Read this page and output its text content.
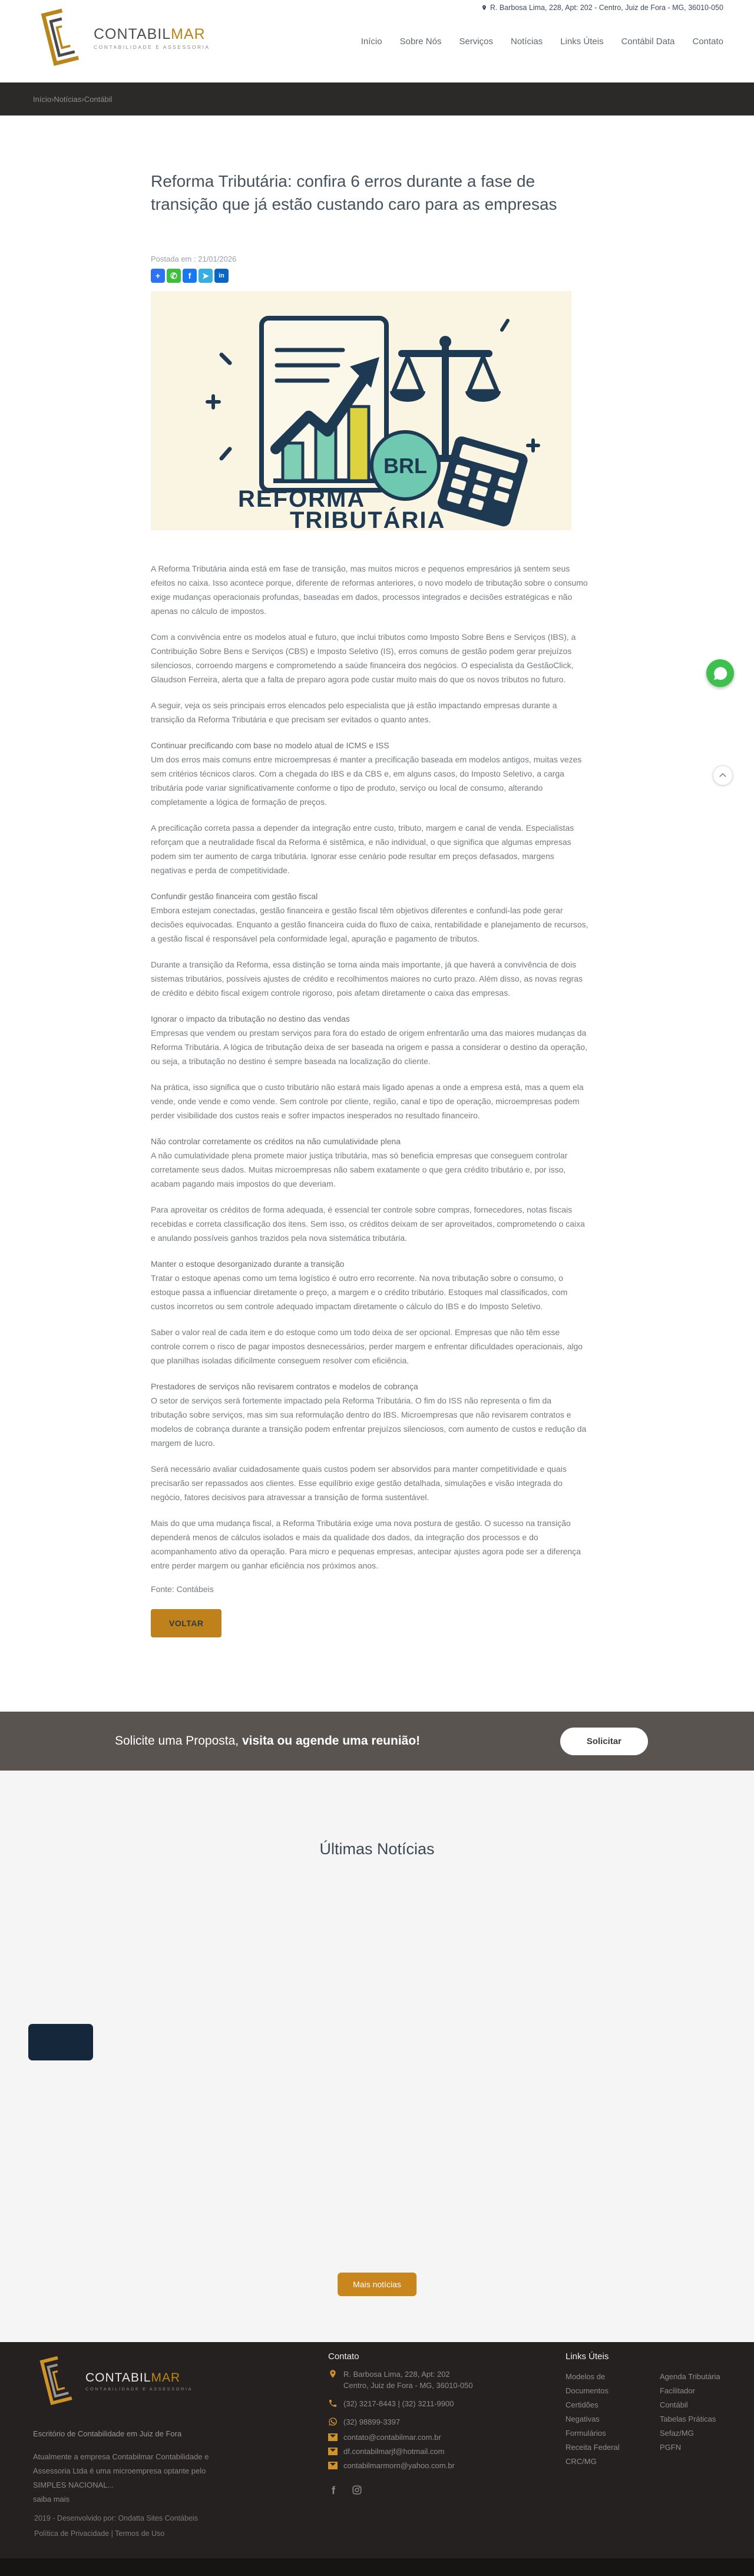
R. Barbosa Lima, 228, Apt: 202 - Centro, Juiz de Fora - MG, 36010-050
CONTABILMAR
CONTABILIDADE E ASSESSORIA
Início Sobre Nós Serviços Notícias Links Úteis Contábil Data Contato
Início › Notícias › Contábil
Reforma Tributária: confira 6 erros durante a fase de transição que já estão custando caro para as empresas
Postada em : 21/01/2026
+	✆	f	➤	in
BRL
REFORMA
TRIBUTÁRIA

A Reforma Tributária ainda está em fase de transição, mas muitos micros e pequenos empresários já sentem seus efeitos no caixa. Isso acontece porque, diferente de reformas anteriores, o novo modelo de tributação sobre o consumo exige mudanças operacionais profundas, baseadas em dados, processos integrados e decisões estratégicas e não apenas no cálculo de impostos.

Com a convivência entre os modelos atual e futuro, que inclui tributos como Imposto Sobre Bens e Serviços (IBS), a Contribuição Sobre Bens e Serviços (CBS) e Imposto Seletivo (IS), erros comuns de gestão podem gerar prejuízos silenciosos, corroendo margens e comprometendo a saúde financeira dos negócios. O especialista da GestãoClick, Glaudson Ferreira, alerta que a falta de preparo agora pode custar muito mais do que os novos tributos no futuro.

A seguir, veja os seis principais erros elencados pelo especialista que já estão impactando empresas durante a transição da Reforma Tributária e que precisam ser evitados o quanto antes.

Continuar precificando com base no modelo atual de ICMS e ISS

Um dos erros mais comuns entre microempresas é manter a precificação baseada em modelos antigos, muitas vezes sem critérios técnicos claros. Com a chegada do IBS e da CBS e, em alguns casos, do Imposto Seletivo, a carga tributária pode variar significativamente conforme o tipo de produto, serviço ou local de consumo, alterando completamente a lógica de formação de preços.

A precificação correta passa a depender da integração entre custo, tributo, margem e canal de venda. Especialistas reforçam que a neutralidade fiscal da Reforma é sistêmica, e não individual, o que significa que algumas empresas podem sim ter aumento de carga tributária. Ignorar esse cenário pode resultar em preços defasados, margens negativas e perda de competitividade.

Confundir gestão financeira com gestão fiscal

Embora estejam conectadas, gestão financeira e gestão fiscal têm objetivos diferentes e confundi-las pode gerar decisões equivocadas. Enquanto a gestão financeira cuida do fluxo de caixa, rentabilidade e planejamento de recursos, a gestão fiscal é responsável pela conformidade legal, apuração e pagamento de tributos.

Durante a transição da Reforma, essa distinção se torna ainda mais importante, já que haverá a convivência de dois sistemas tributários, possíveis ajustes de crédito e recolhimentos maiores no curto prazo. Além disso, as novas regras de crédito e débito fiscal exigem controle rigoroso, pois afetam diretamente o caixa das empresas.

Ignorar o impacto da tributação no destino das vendas

Empresas que vendem ou prestam serviços para fora do estado de origem enfrentarão uma das maiores mudanças da Reforma Tributária. A lógica de tributação deixa de ser baseada na origem e passa a considerar o destino da operação, ou seja, a tributação no destino é sempre baseada na localização do cliente.

Na prática, isso significa que o custo tributário não estará mais ligado apenas a onde a empresa está, mas a quem ela vende, onde vende e como vende. Sem controle por cliente, região, canal e tipo de operação, microempresas podem perder visibilidade dos custos reais e sofrer impactos inesperados no resultado financeiro.

Não controlar corretamente os créditos na não cumulatividade plena

A não cumulatividade plena promete maior justiça tributária, mas só beneficia empresas que conseguem controlar corretamente seus dados. Muitas microempresas não sabem exatamente o que gera crédito tributário e, por isso, acabam pagando mais impostos do que deveriam.

Para aproveitar os créditos de forma adequada, é essencial ter controle sobre compras, fornecedores, notas fiscais recebidas e correta classificação dos itens. Sem isso, os créditos deixam de ser aproveitados, comprometendo o caixa e anulando possíveis ganhos trazidos pela nova sistemática tributária.

Manter o estoque desorganizado durante a transição

Tratar o estoque apenas como um tema logístico é outro erro recorrente. Na nova tributação sobre o consumo, o estoque passa a influenciar diretamente o preço, a margem e o crédito tributário. Estoques mal classificados, com custos incorretos ou sem controle adequado impactam diretamente o cálculo do IBS e do Imposto Seletivo.

Saber o valor real de cada item e do estoque como um todo deixa de ser opcional. Empresas que não têm esse controle correm o risco de pagar impostos desnecessários, perder margem e enfrentar dificuldades operacionais, algo que planilhas isoladas dificilmente conseguem resolver com eficiência.

Prestadores de serviços não revisarem contratos e modelos de cobrança

O setor de serviços será fortemente impactado pela Reforma Tributária. O fim do ISS não representa o fim da tributação sobre serviços, mas sim sua reformulação dentro do IBS. Microempresas que não revisarem contratos e modelos de cobrança durante a transição podem enfrentar prejuízos silenciosos, com aumento de custos e redução da margem de lucro.

Será necessário avaliar cuidadosamente quais custos podem ser absorvidos para manter competitividade e quais precisarão ser repassados aos clientes. Esse equilíbrio exige gestão detalhada, simulações e visão integrada do negócio, fatores decisivos para atravessar a transição de forma sustentável.

Mais do que uma mudança fiscal, a Reforma Tributária exige uma nova postura de gestão. O sucesso na transição dependerá menos de cálculos isolados e mais da qualidade dos dados, da integração dos processos e do acompanhamento ativo da operação. Para micro e pequenas empresas, antecipar ajustes agora pode ser a diferença entre perder margem ou ganhar eficiência nos próximos anos.

Fonte: Contábeis
VOLTAR
Solicite uma Proposta, visita ou agende uma reunião!	Solicitar
Últimas Notícias
Mais notícias
CONTABILMAR
CONTABILIDADE E ASSESSORIA
Escritório de Contabilidade em Juiz de Fora
Atualmente a empresa Contabilmar Contabilidade e Assessoria Ltda é uma microempresa optante pelo SIMPLES NACIONAL...
saiba mais
Contato
R. Barbosa Lima, 228, Apt: 202
Centro, Juiz de Fora - MG, 36010-050
(32) 3217-8443 | (32) 3211-9900
(32) 98899-3397
contato@contabilmar.com.br
df.contabilmarjf@hotmail.com
contabilmarmorn@yahoo.com.br
f
Links Úteis
Modelos de Documentos
Certidões Negativas
Formulários
Receita Federal
CRC/MG
Agenda Tributária
Facilitador
Contábil
Tabelas Práticas
Sefaz/MG
PGFN
2019 - Desenvolvido por: Ondatta Sites Contábeis
Política de Privacidade | Termos de Uso
